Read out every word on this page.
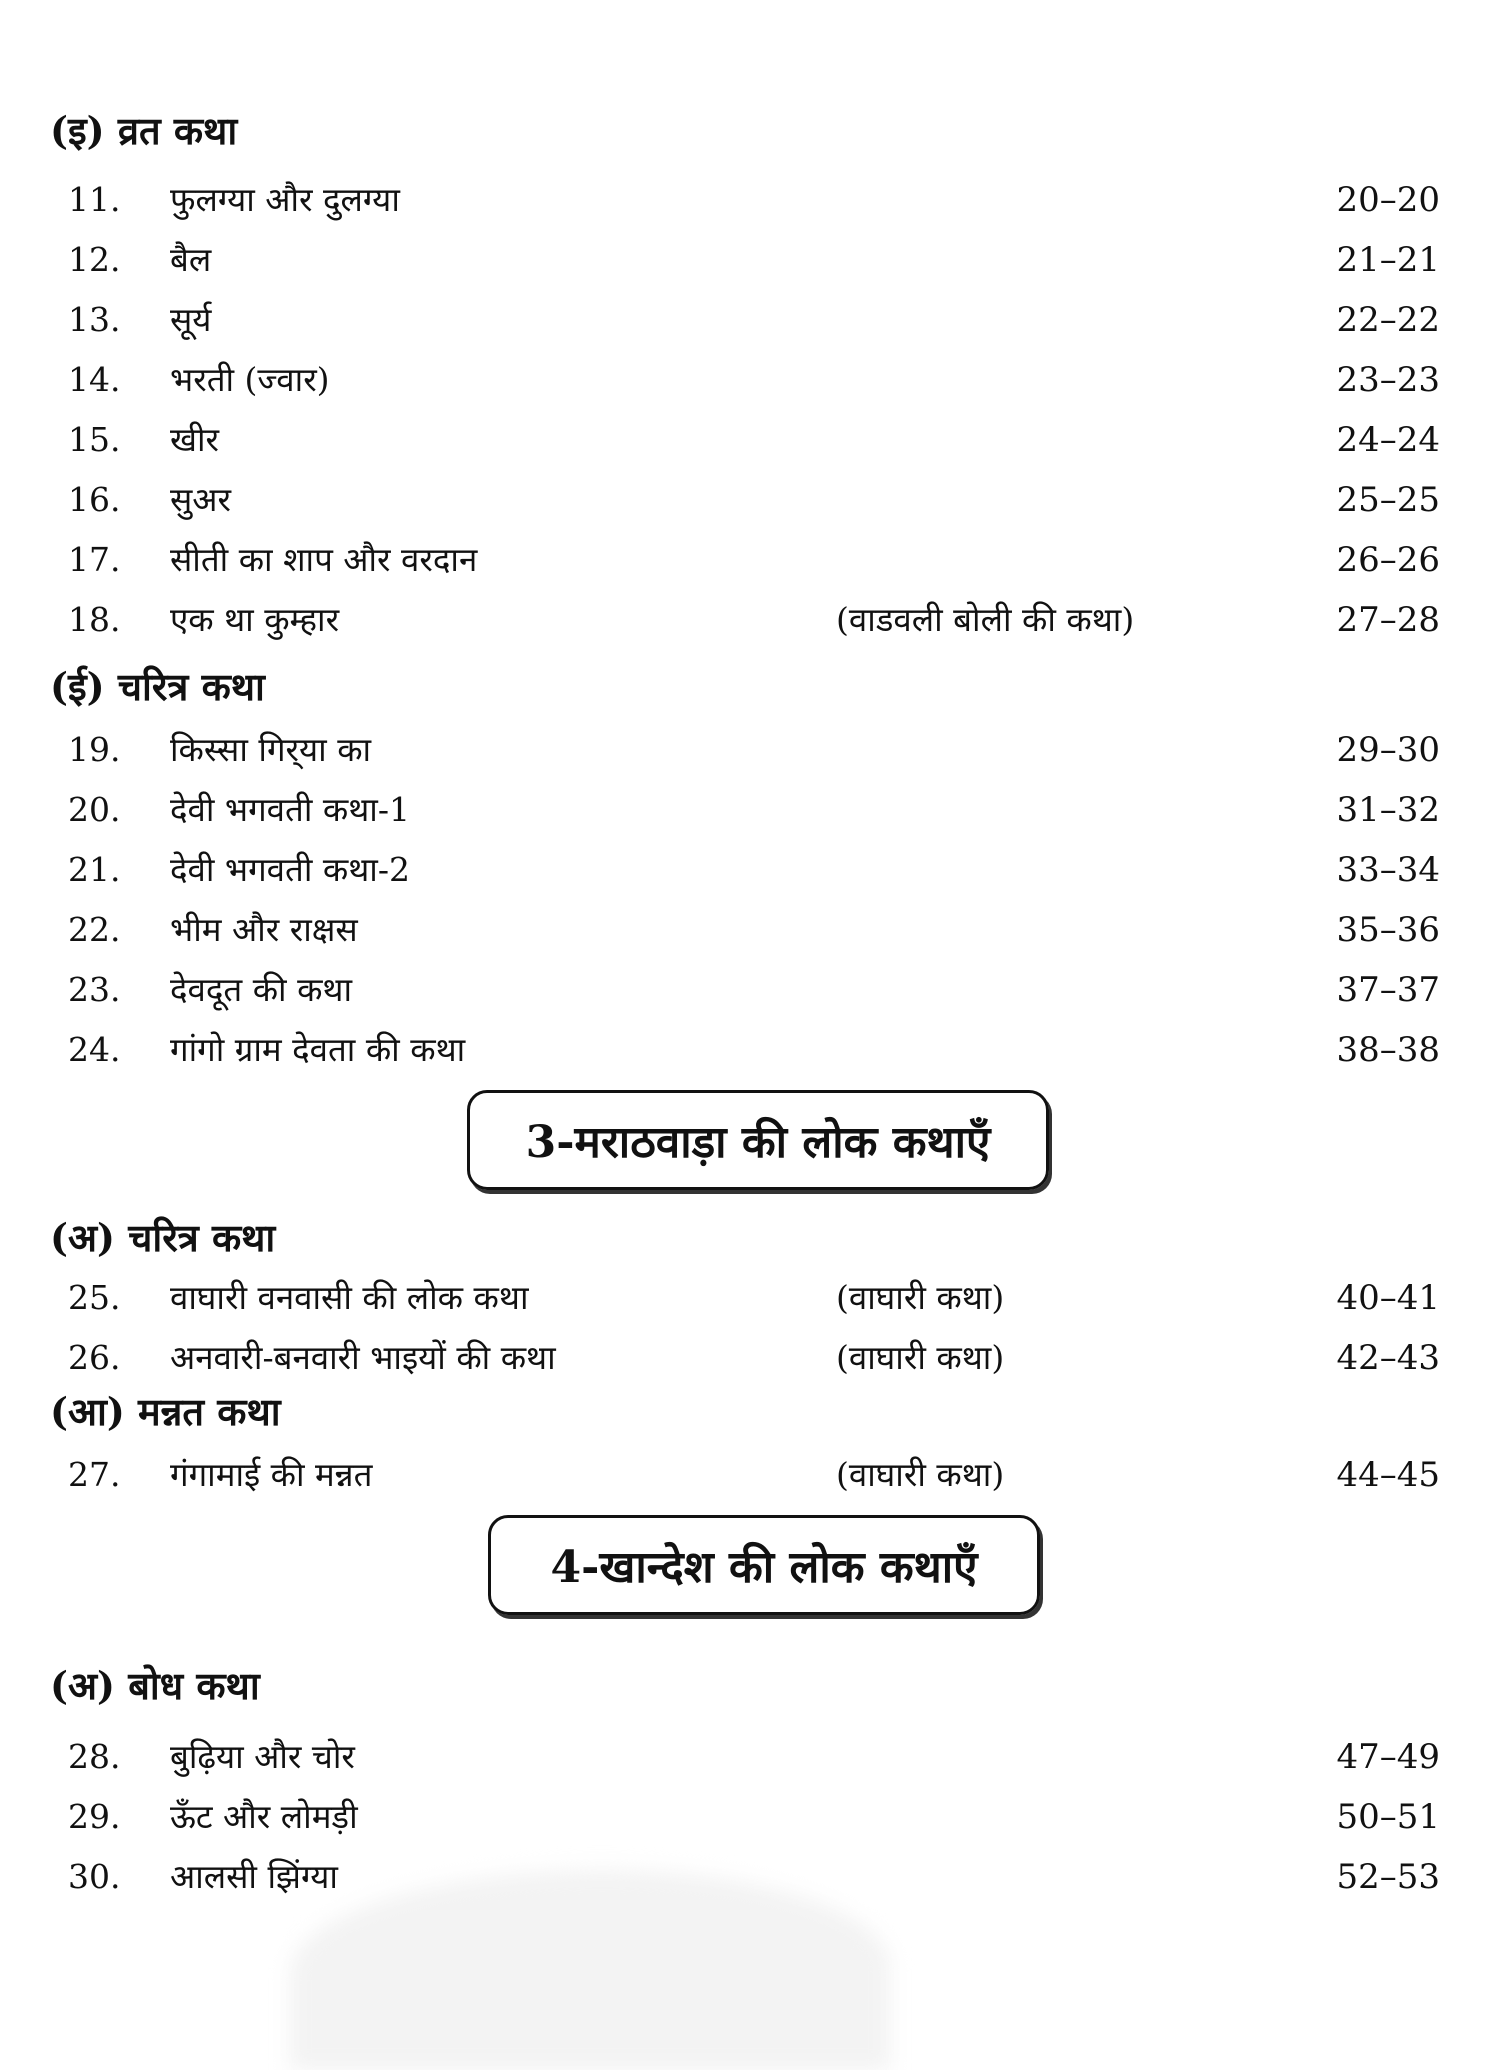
(इ) व्रत कथा
11.	फुलग्या और दुलग्या	20–20
12.	बैल	21–21
13.	सूर्य	22–22
14.	भरती (ज्वार)	23–23
15.	खीर	24–24
16.	सुअर	25–25
17.	सीती का शाप और वरदान	26–26
18.	एक था कुम्हार	(वाडवली बोली की कथा)	27–28
(ई) चरित्र कथा
19.	किस्सा गिर्‌या का	29–30
20.	देवी भगवती कथा-1	31–32
21.	देवी भगवती कथा-2	33–34
22.	भीम और राक्षस	35–36
23.	देवदूत की कथा	37–37
24.	गांगो ग्राम देवता की कथा	38–38
3-मराठवाड़ा की लोक कथाएँ
(अ) चरित्र कथा
25.	वाघारी वनवासी की लोक कथा	(वाघारी कथा)	40–41
26.	अनवारी-बनवारी भाइयों की कथा	(वाघारी कथा)	42–43
(आ) मन्नत कथा
27.	गंगामाई की मन्नत	(वाघारी कथा)	44–45
4-खान्देश की लोक कथाएँ
(अ) बोध कथा
28.	बुढ़िया और चोर	47–49
29.	ऊँट और लोमड़ी	50–51
30.	आलसी झिंग्या	52–53
